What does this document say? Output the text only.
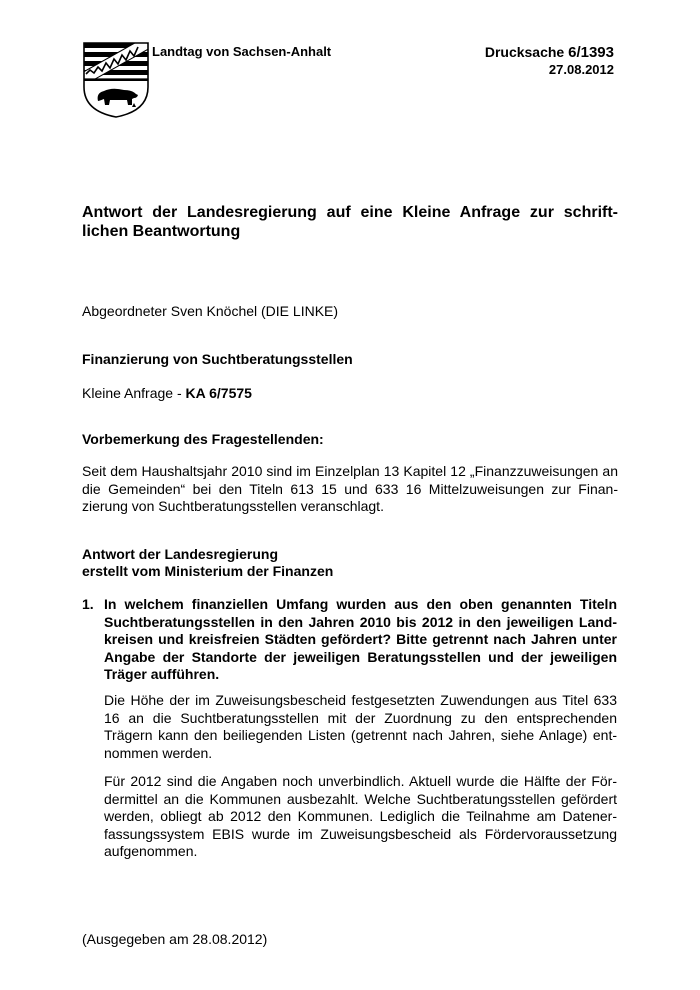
Landtag von Sachsen-Anhalt	Drucksache 6/1393
27.08.2012
Antwort der Landesregierung auf eine Kleine Anfrage zur schrift-lichen Beantwortung
Abgeordneter Sven Knöchel (DIE LINKE)
Finanzierung von Suchtberatungsstellen
Kleine Anfrage - KA 6/7575
Vorbemerkung des Fragestellenden:
Seit dem Haushaltsjahr 2010 sind im Einzelplan 13 Kapitel 12 „Finanzzuweisungen an die Gemeinden“ bei den Titeln 613 15 und 633 16 Mittelzuweisungen zur Finan-zierung von Suchtberatungsstellen veranschlagt.
Antwort der Landesregierung
erstellt vom Ministerium der Finanzen
1. In welchem finanziellen Umfang wurden aus den oben genannten Titeln Suchtberatungsstellen in den Jahren 2010 bis 2012 in den jeweiligen Land-kreisen und kreisfreien Städten gefördert? Bitte getrennt nach Jahren unter Angabe der Standorte der jeweiligen Beratungsstellen und der jeweiligen Träger aufführen.
Die Höhe der im Zuweisungsbescheid festgesetzten Zuwendungen aus Titel 633 16 an die Suchtberatungsstellen mit der Zuordnung zu den entsprechenden Trägern kann den beiliegenden Listen (getrennt nach Jahren, siehe Anlage) ent-nommen werden.
Für 2012 sind die Angaben noch unverbindlich. Aktuell wurde die Hälfte der För-dermittel an die Kommunen ausbezahlt. Welche Suchtberatungsstellen gefördert werden, obliegt ab 2012 den Kommunen. Lediglich die Teilnahme am Datener-fassungssystem EBIS wurde im Zuweisungsbescheid als Fördervoraussetzung aufgenommen.
(Ausgegeben am 28.08.2012)
